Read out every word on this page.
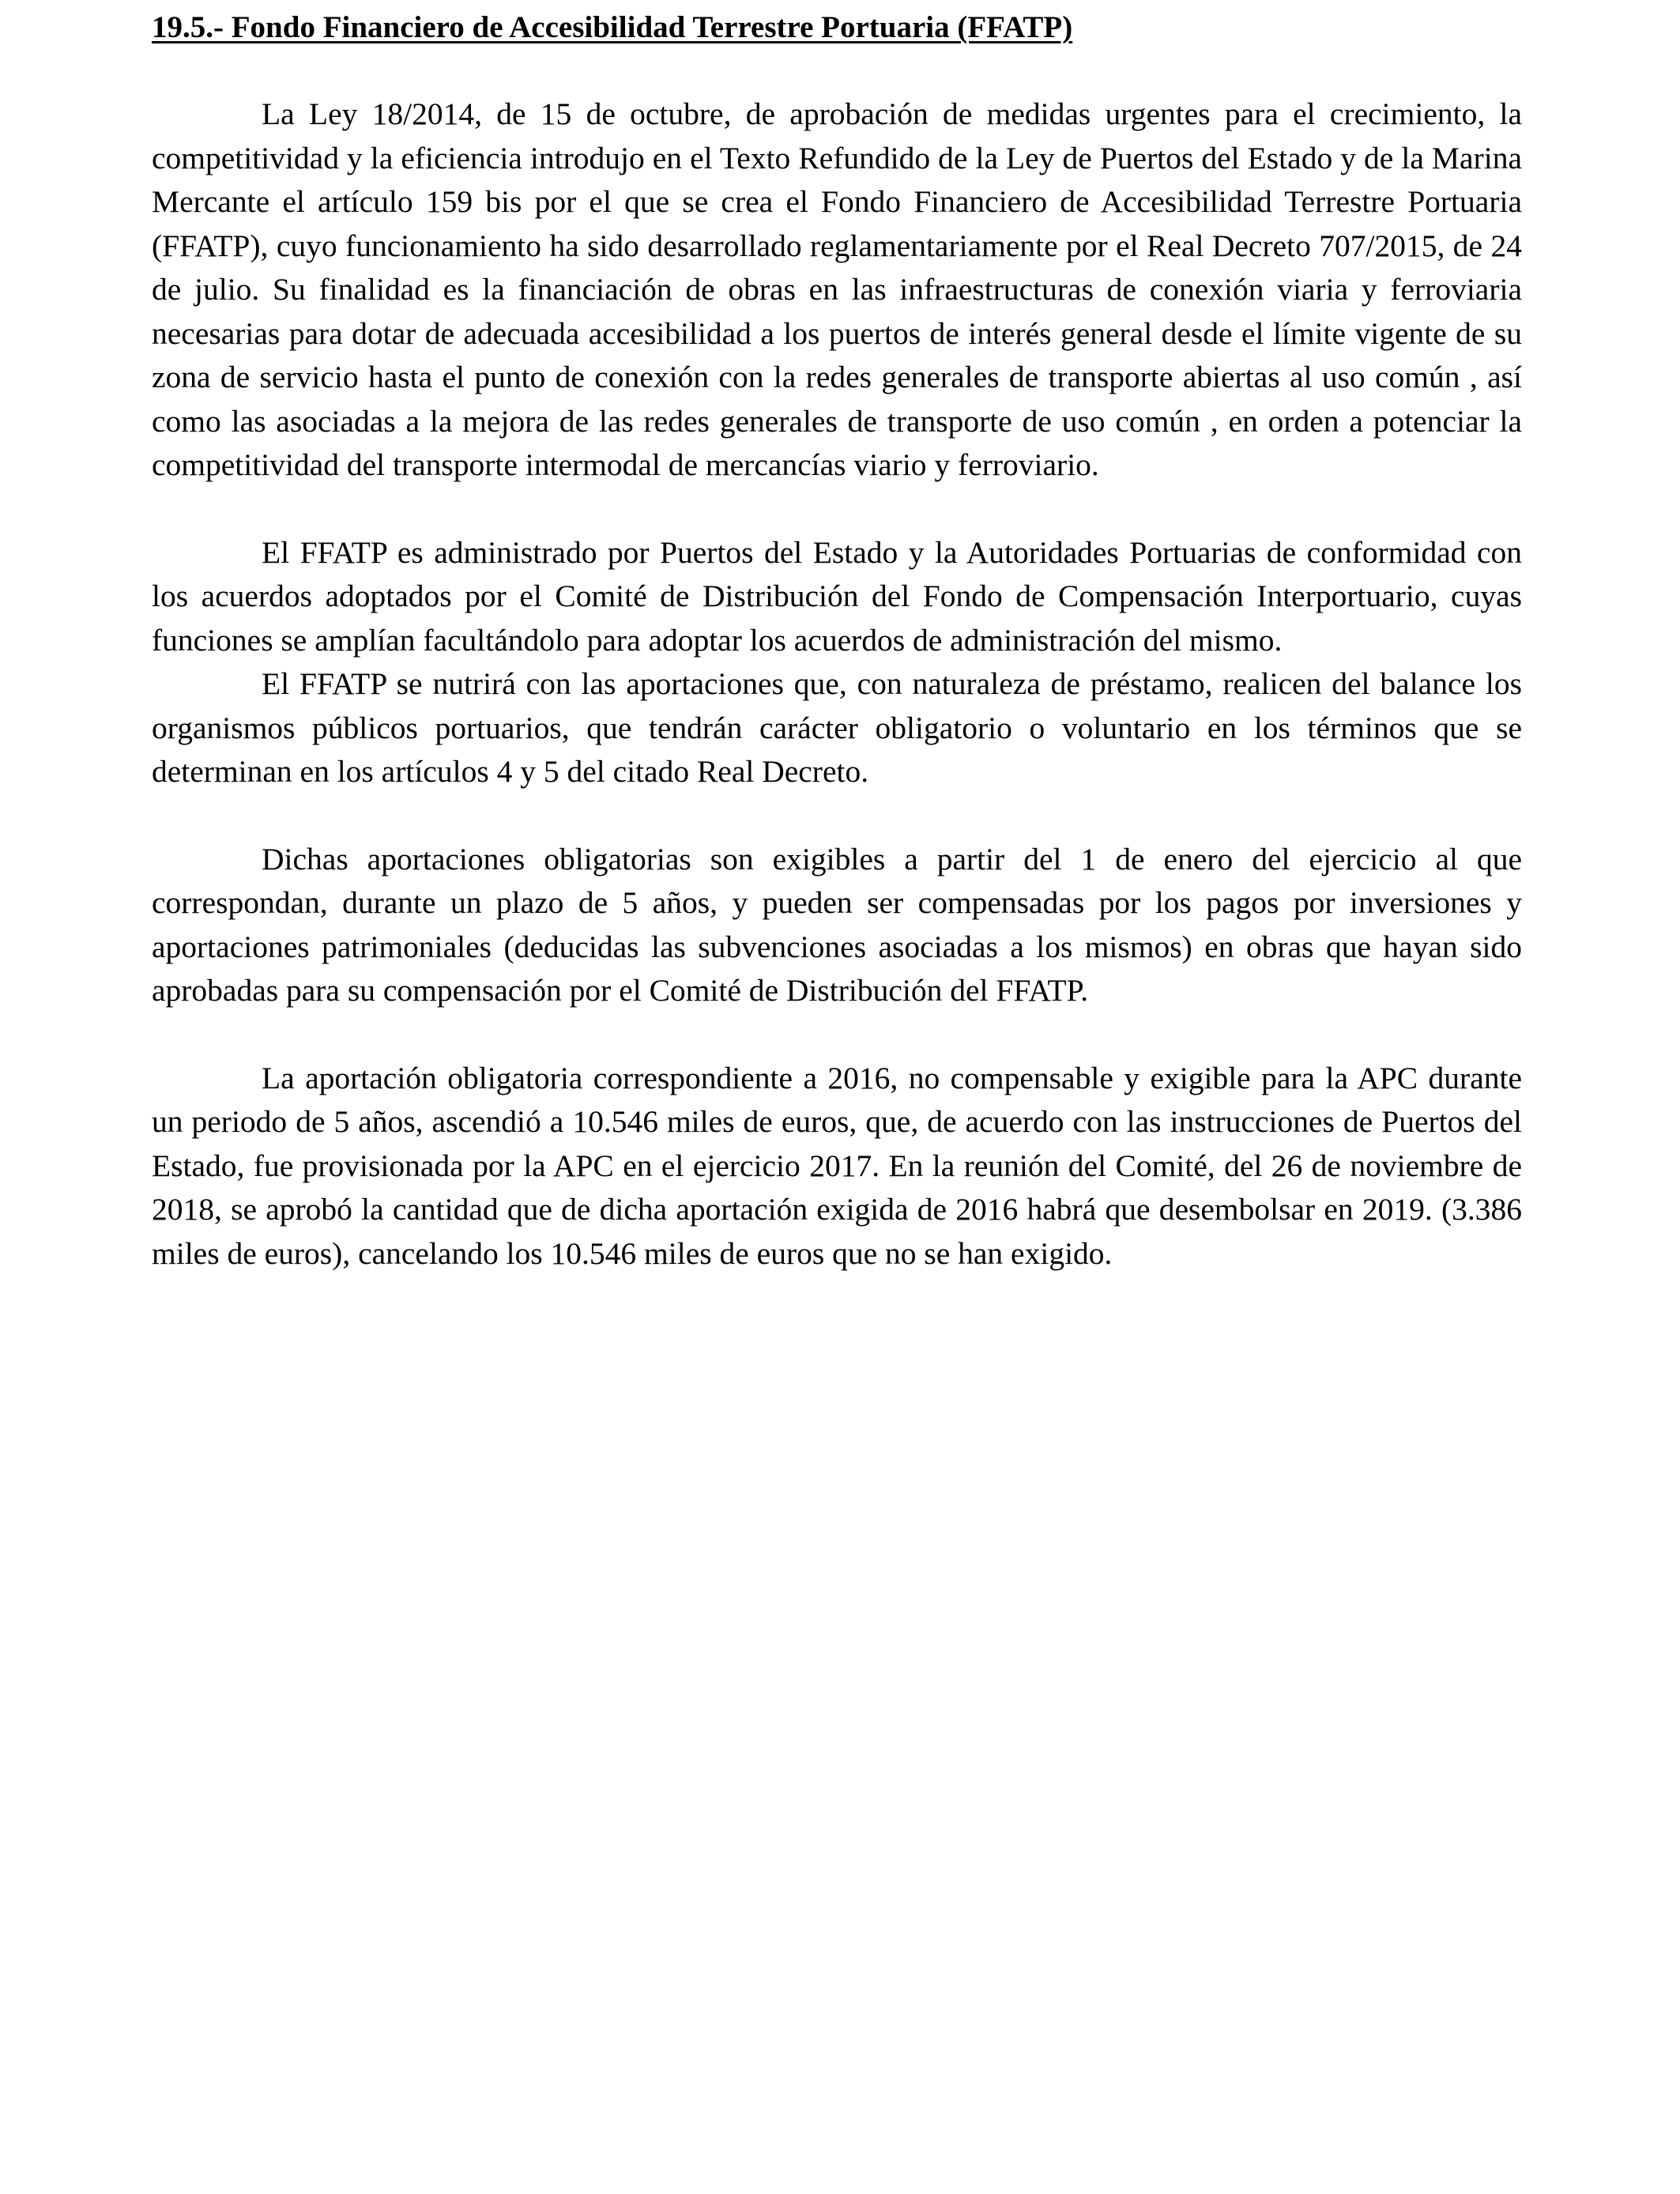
19.5.- Fondo Financiero de Accesibilidad Terrestre Portuaria (FFATP)

La Ley 18/2014, de 15 de octubre, de aprobación de medidas urgentes para el crecimiento, la competitividad y la eficiencia introdujo en el Texto Refundido de la Ley de Puertos del Estado y de la Marina Mercante el artículo 159 bis por el que se crea el Fondo Financiero de Accesibilidad Terrestre Portuaria (FFATP), cuyo funcionamiento ha sido desarrollado reglamentariamente por el Real Decreto 707/2015, de 24 de julio. Su finalidad es la financiación de obras en las infraestructuras de conexión viaria y ferroviaria necesarias para dotar de adecuada accesibilidad a los puertos de interés general desde el límite vigente de su zona de servicio hasta el punto de conexión con la redes generales de transporte abiertas al uso común , así como las asociadas a la mejora de las redes generales de transporte de uso común , en orden a potenciar la competitividad del transporte intermodal de mercancías viario y ferroviario.

El FFATP es administrado por Puertos del Estado y la Autoridades Portuarias de conformidad con los acuerdos adoptados por el Comité de Distribución del Fondo de Compensación Interportuario, cuyas funciones se amplían facultándolo para adoptar los acuerdos de administración del mismo.

El FFATP se nutrirá con las aportaciones que, con naturaleza de préstamo, realicen del balance los organismos públicos portuarios, que tendrán carácter obligatorio o voluntario en los términos que se determinan en los artículos 4 y 5 del citado Real Decreto.

Dichas aportaciones obligatorias son exigibles a partir del 1 de enero del ejercicio al que correspondan, durante un plazo de 5 años, y pueden ser compensadas por los pagos por inversiones y aportaciones patrimoniales (deducidas las subvenciones asociadas a los mismos) en obras que hayan sido aprobadas para su compensación por el Comité de Distribución del FFATP.

La aportación obligatoria correspondiente a 2016, no compensable y exigible para la APC durante un periodo de 5 años, ascendió a 10.546 miles de euros, que, de acuerdo con las instrucciones de Puertos del Estado, fue provisionada por la APC en el ejercicio 2017. En la reunión del Comité, del 26 de noviembre de 2018, se aprobó la cantidad que de dicha aportación exigida de 2016 habrá que desembolsar en 2019. (3.386 miles de euros), cancelando los 10.546 miles de euros que no se han exigido.
